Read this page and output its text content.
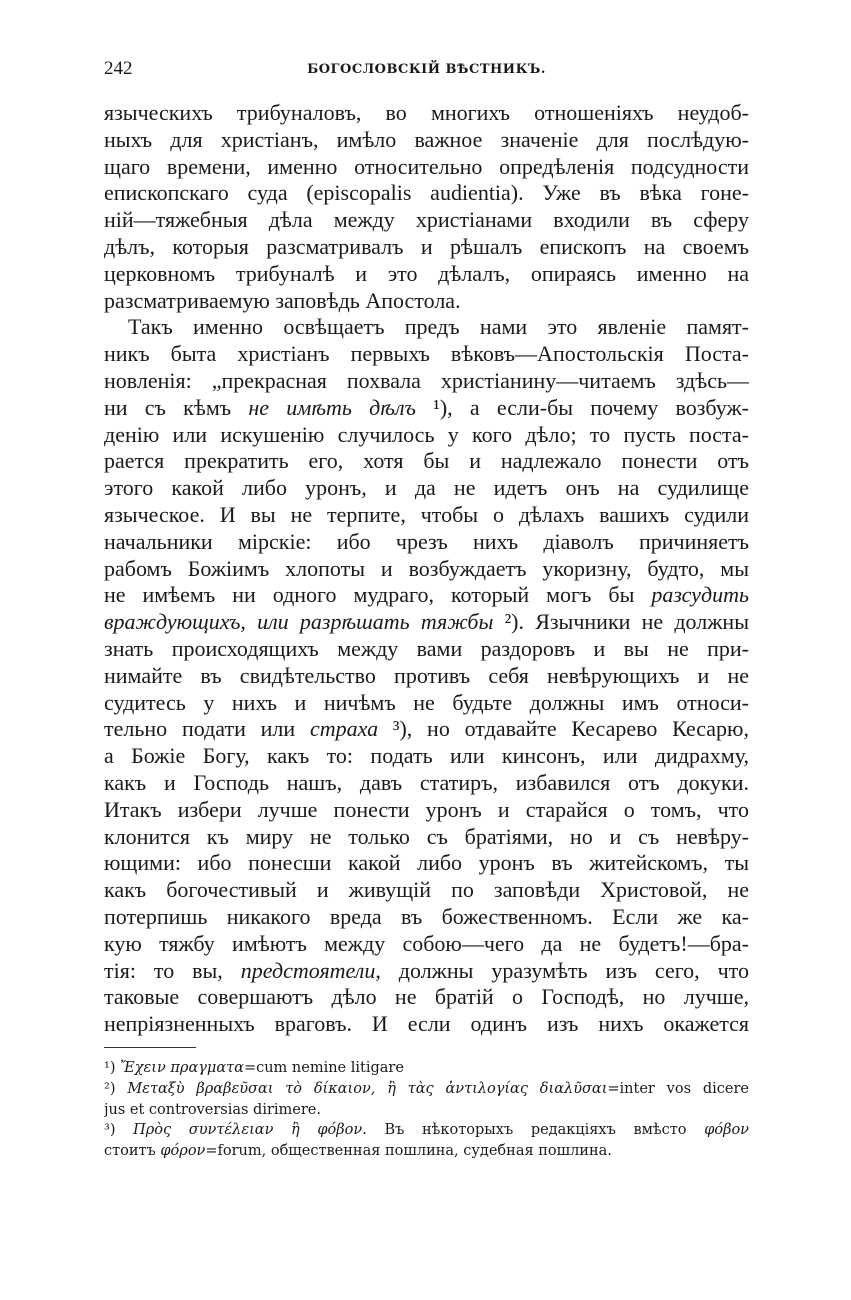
242	БОГОСЛОВСКІЙ ВѢСТНИКЪ.
языческихъ трибуналовъ, во многихъ отношеніяхъ неудоб-
ныхъ для христіанъ, имѣло важное значеніе для послѣдую-
щаго времени, именно относительно опредѣленія подсудности
епископскаго суда (episcopalis audientia). Уже въ вѣка гоне-
ній—тяжебныя дѣла между христіанами входили въ сферу
дѣлъ, которыя разсматривалъ и рѣшалъ епископъ на своемъ
церковномъ трибуналѣ и это дѣлалъ, опираясь именно на
разсматриваемую заповѣдь Апостола.
Такъ именно освѣщаетъ предъ нами это явленіе памят-
никъ быта христіанъ первыхъ вѣковъ—Апостольскія Поста-
новленія: „прекрасная похвала христіанину—читаемъ здѣсь—
ни съ кѣмъ не имѣть дѣлъ ¹), а если-бы почему возбуж-
денію или искушенію случилось у кого дѣло; то пусть поста-
рается прекратить его, хотя бы и надлежало понести отъ
этого какой либо уронъ, и да не идетъ онъ на судилище
языческое. И вы не терпите, чтобы о дѣлахъ вашихъ судили
начальники мірскіе: ибо чрезъ нихъ діаволъ причиняетъ
рабомъ Божіимъ хлопоты и возбуждаетъ укоризну, будто, мы
не имѣемъ ни одного мудраго, который могъ бы разсудить
враждующихъ, или разрѣшать тяжбы ²). Язычники не должны
знать происходящихъ между вами раздоровъ и вы не при-
нимайте въ свидѣтельство противъ себя невѣрующихъ и не
судитесь у нихъ и ничѣмъ не будьте должны имъ относи-
тельно подати или страха ³), но отдавайте Кесарево Кесарю,
а Божіе Богу, какъ то: подать или кинсонъ, или дидрахму,
какъ и Господь нашъ, давъ статиръ, избавился отъ докуки.
Итакъ избери лучше понести уронъ и старайся о томъ, что
клонится къ миру не только съ братіями, но и съ невѣру-
ющими: ибо понесши какой либо уронъ въ житейскомъ, ты
какъ богочестивый и живущій по заповѣди Христовой, не
потерпишь никакого вреда въ божественномъ. Если же ка-
кую тяжбу имѣютъ между собою—чего да не будетъ!—бра-
тія: то вы, предстоятели, должны уразумѣть изъ сего, что
таковые совершаютъ дѣло не братій о Господѣ, но лучше,
непріязненныхъ враговъ. И если одинъ изъ нихъ окажется
¹) Ἔχειν πραγματα=cum nemine litigare
²) Μεταξὺ βραβεῦσαι τὸ δίκαιον, ἢ τὰς ἀντιλογίας διαλῦσαι=inter vos dicere
jus et controversias dirimere.
³) Πρὸς συντέλειαν ἢ φόβον. Въ нѣкоторыхъ редакціяхъ вмѣсто φόβον
стоитъ φόρον=forum, общественная пошлина, судебная пошлина.
